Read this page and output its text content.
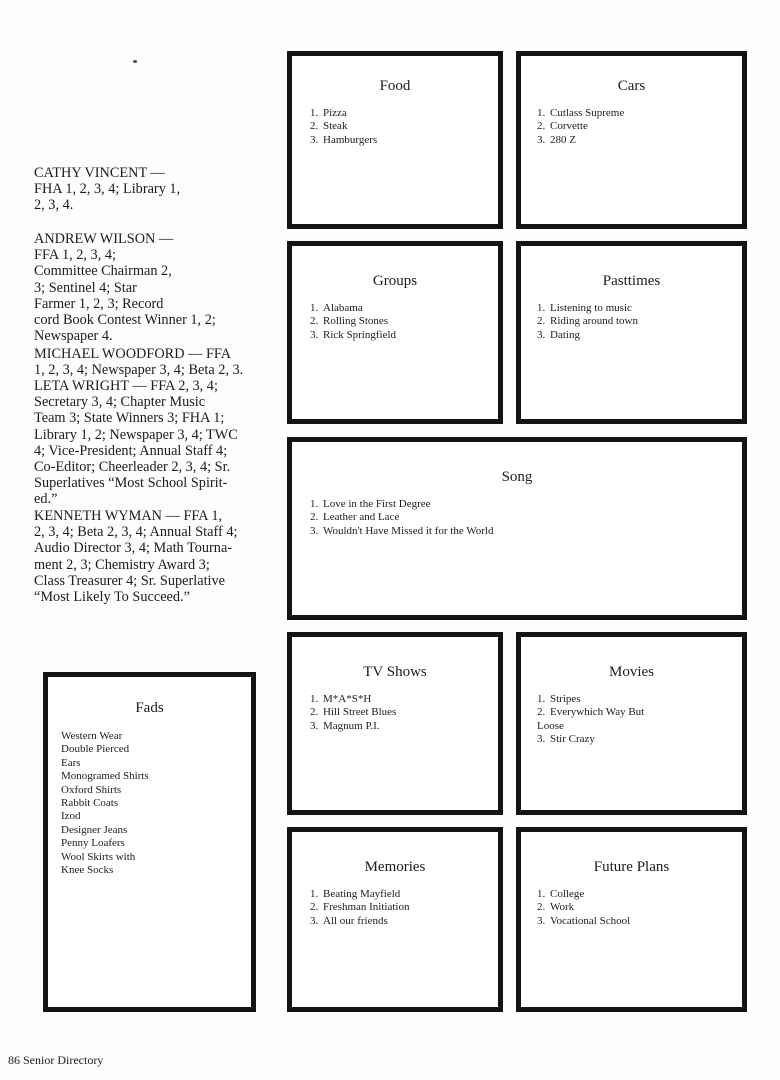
CATHY VINCENT —

FHA 1, 2, 3, 4; Library 1,

2, 3, 4.

ANDREW WILSON —

FFA 1, 2, 3, 4;

Committee Chairman 2,

3; Sentinel 4; Star

Farmer 1, 2, 3; Record

cord Book Contest Winner 1, 2;

Newspaper 4.

MICHAEL WOODFORD — FFA

1, 2, 3, 4; Newspaper 3, 4; Beta 2, 3.

LETA WRIGHT — FFA 2, 3, 4;

Secretary 3, 4; Chapter Music

Team 3; State Winners 3; FHA 1;

Library 1, 2; Newspaper 3, 4; TWC

4; Vice-President; Annual Staff 4;

Co-Editor; Cheerleader 2, 3, 4; Sr.

Superlatives “Most School Spirit-

ed.”

KENNETH WYMAN — FFA 1,

2, 3, 4; Beta 2, 3, 4; Annual Staff 4;

Audio Director 3, 4; Math Tourna-

ment 2, 3; Chemistry Award 3;

Class Treasurer 4; Sr. Superlative

“Most Likely To Succeed.”

Food
1. Pizza
2. Steak
3. Hamburgers
Cars
1. Cutlass Supreme
2. Corvette
3. 280 Z
Groups
1. Alabama
2. Rolling Stones
3. Rick Springfield
Pasttimes
1. Listening to music
2. Riding around town
3. Dating
Song
1. Love in the First Degree
2. Leather and Lace
3. Wouldn't Have Missed it for the World
TV Shows
1. M*A*S*H
2. Hill Street Blues
3. Magnum P.I.
Movies
1. Stripes
2. Everywhich Way But
Loose
3. Stir Crazy
Memories
1. Beating Mayfield
2. Freshman Initiation
3. All our friends
Future Plans
1. College
2. Work
3. Vocational School
Fads
Western Wear
Double Pierced
Ears
Monogramed Shirts
Oxford Shirts
Rabbit Coats
Izod
Designer Jeans
Penny Loafers
Wool Skirts with
Knee Socks
86 Senior Directory
